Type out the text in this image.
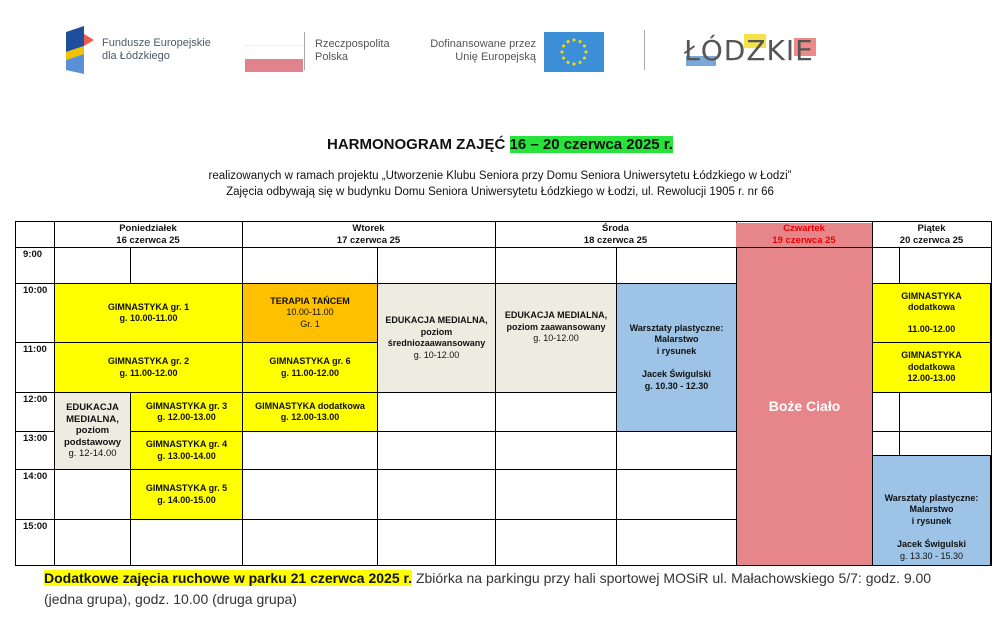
Fundusze Europejskie
dla Łódzkiego
Rzeczpospolita
Polska
Dofinansowane przez
Unię Europejską	ŁÓDZKIE
HARMONOGRAM ZAJĘĆ 16 – 20 czerwca 2025 r.
realizowanych w ramach projektu „Utworzenie Klubu Seniora przy Domu Seniora Uniwersytetu Łódzkiego w Łodzi”
Zajęcia odbywają się w budynku Domu Seniora Uniwersytetu Łódzkiego w Łodzi, ul. Rewolucji 1905 r. nr 66
Poniedziałek
16 czerwca 25
Wtorek
17 czerwca 25
Środa
18 czerwca 25
Czwartek
19 czerwca 25
Piątek
20 czerwca 25
9:00
10:00
11:00
12:00
13:00
14:00
15:00
GIMNASTYKA gr. 1
g. 10.00-11.00
GIMNASTYKA gr. 2
g. 11.00-12.00
EDUKACJA
MEDIALNA,
poziom
podstawowy
g. 12-14.00
GIMNASTYKA gr. 3
g. 12.00-13.00
GIMNASTYKA gr. 4
g. 13.00-14.00
GIMNASTYKA gr. 5
g. 14.00-15.00
TERAPIA TAŃCEM
10.00-11.00
Gr. 1
GIMNASTYKA gr. 6
g. 11.00-12.00
GIMNASTYKA dodatkowa
g. 12.00-13.00
EDUKACJA MEDIALNA,
poziom
średniozaawansowany
g. 10-12.00
EDUKACJA MEDIALNA,
poziom zaawansowany
g. 10-12.00
Warsztaty plastyczne:
Malarstwo
i rysunek
Jacek Świgulski
g. 10.30 - 12.30
Boże Ciało
GIMNASTYKA
dodatkowa
11.00-12.00
GIMNASTYKA
dodatkowa
12.00-13.00
Warsztaty plastyczne:
Malarstwo
i rysunek
Jacek Świgulski
g. 13.30 - 15.30
Dodatkowe zajęcia ruchowe w parku 21 czerwca 2025 r. Zbiórka na parkingu przy hali sportowej MOSiR ul. Małachowskiego 5/7: godz. 9.00 (jedna grupa), godz. 10.00 (druga grupa)
